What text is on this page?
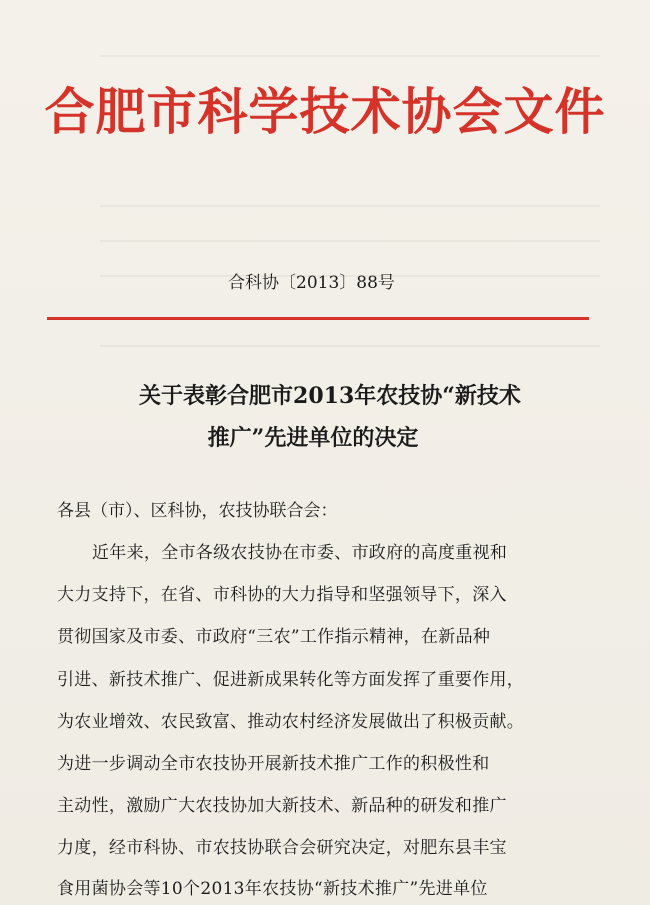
合肥市科学技术协会文件
合科协〔2013〕88号
关于表彰合肥市2013年农技协“新技术
推广”先进单位的决定
各县（市）、区科协，农技协联合会：
近年来，全市各级农技协在市委、市政府的高度重视和
大力支持下，在省、市科协的大力指导和坚强领导下，深入
贯彻国家及市委、市政府“三农”工作指示精神，在新品种
引进、新技术推广、促进新成果转化等方面发挥了重要作用，
为农业增效、农民致富、推动农村经济发展做出了积极贡献。
为进一步调动全市农技协开展新技术推广工作的积极性和
主动性，激励广大农技协加大新技术、新品种的研发和推广
力度，经市科协、市农技协联合会研究决定，对肥东县丰宝
食用菌协会等10个2013年农技协“新技术推广”先进单位
